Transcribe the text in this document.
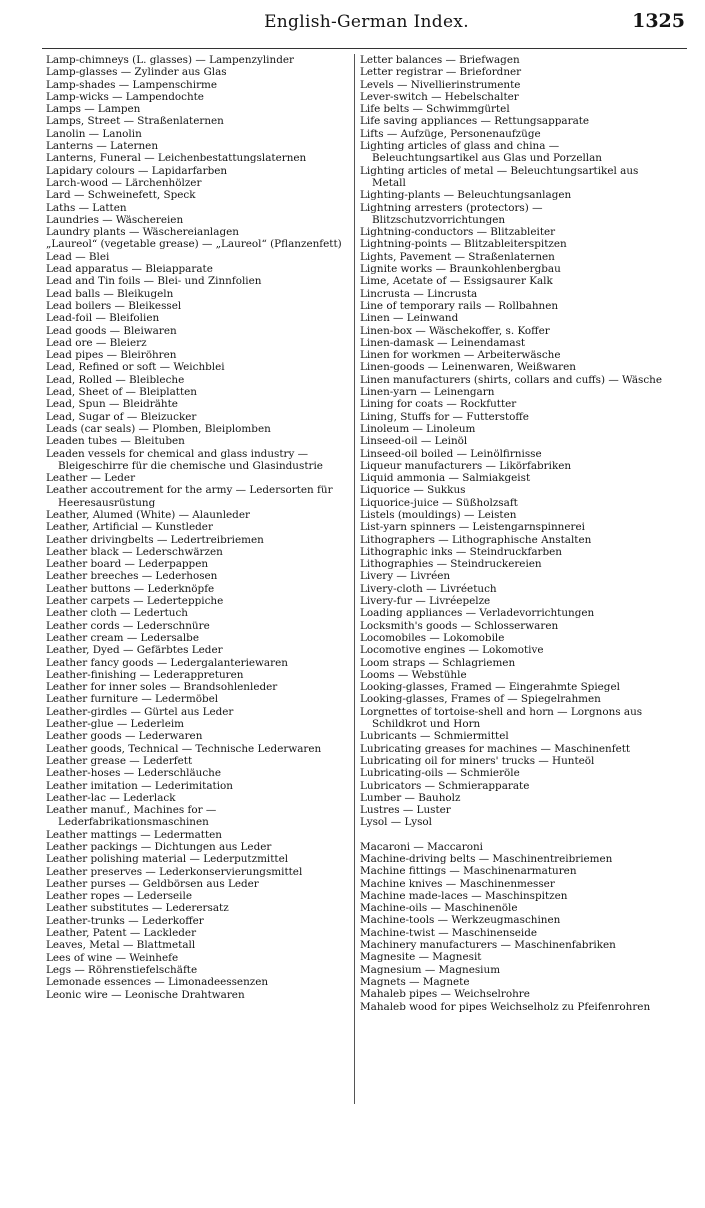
English-German Index.	1325
Lamp-chimneys (L. glasses) — Lampenzylinder
Lamp-glasses — Zylinder aus Glas
Lamp-shades — Lampenschirme
Lamp-wicks — Lampendochte
Lamps — Lampen
Lamps, Street — Straßenlaternen
Lanolin — Lanolin
Lanterns — Laternen
Lanterns, Funeral — Leichenbestattungslaternen
Lapidary colours — Lapidarfarben
Larch-wood — Lärchenhölzer
Lard — Schweinefett, Speck
Laths — Latten
Laundries — Wäschereien
Laundry plants — Wäschereianlagen
„Laureol“ (vegetable grease) — „Laureol“ (Pflanzenfett)
Lead — Blei
Lead apparatus — Bleiapparate
Lead and Tin foils — Blei- und Zinnfolien
Lead balls — Bleikugeln
Lead boilers — Bleikessel
Lead-foil — Bleifolien
Lead goods — Bleiwaren
Lead ore — Bleierz
Lead pipes — Bleiröhren
Lead, Refined or soft — Weichblei
Lead, Rolled — Bleibleche
Lead, Sheet of — Bleiplatten
Lead, Spun — Bleidrähte
Lead, Sugar of — Bleizucker
Leads (car seals) — Plomben, Bleiplomben
Leaden tubes — Bleituben
Leaden vessels for chemical and glass industry — Bleigeschirre für die chemische und Glasindustrie
Leather — Leder
Leather accoutrement for the army — Ledersorten für Heeresausrüstung
Leather, Alumed (White) — Alaunleder
Leather, Artificial — Kunstleder
Leather drivingbelts — Ledertreibriemen
Leather black — Lederschwärzen
Leather board — Lederpappen
Leather breeches — Lederhosen
Leather buttons — Lederknöpfe
Leather carpets — Lederteppiche
Leather cloth — Ledertuch
Leather cords — Lederschnüre
Leather cream — Ledersalbe
Leather, Dyed — Gefärbtes Leder
Leather fancy goods — Ledergalanteriewaren
Leather-finishing — Lederappreturen
Leather for inner soles — Brandsohlenleder
Leather furniture — Ledermöbel
Leather-girdles — Gürtel aus Leder
Leather-glue — Lederleim
Leather goods — Lederwaren
Leather goods, Technical — Technische Lederwaren
Leather grease — Lederfett
Leather-hoses — Lederschläuche
Leather imitation — Lederimitation
Leather-lac — Lederlack
Leather manuf., Machines for — Lederfabrikationsmaschinen
Leather mattings — Ledermatten
Leather packings — Dichtungen aus Leder
Leather polishing material — Lederputzmittel
Leather preserves — Lederkonservierungsmittel
Leather purses — Geldbörsen aus Leder
Leather ropes — Lederseile
Leather substitutes — Lederersatz
Leather-trunks — Lederkoffer
Leather, Patent — Lackleder
Leaves, Metal — Blattmetall
Lees of wine — Weinhefe
Legs — Röhrenstiefelschäfte
Lemonade essences — Limonadeessenzen
Leonic wire — Leonische Drahtwaren
Letter balances — Briefwagen
Letter registrar — Briefordner
Levels — Nivellierinstrumente
Lever-switch — Hebelschalter
Life belts — Schwimmgürtel
Life saving appliances — Rettungsapparate
Lifts — Aufzüge, Personenaufzüge
Lighting articles of glass and china — Beleuchtungsartikel aus Glas und Porzellan
Lighting articles of metal — Beleuchtungsartikel aus Metall
Lighting-plants — Beleuchtungsanlagen
Lightning arresters (protectors) — Blitzschutzvorrichtungen
Lightning-conductors — Blitzableiter
Lightning-points — Blitzableiterspitzen
Lights, Pavement — Straßenlaternen
Lignite works — Braunkohlenbergbau
Lime, Acetate of — Essigsaurer Kalk
Lincrusta — Lincrusta
Line of temporary rails — Rollbahnen
Linen — Leinwand
Linen-box — Wäschekoffer, s. Koffer
Linen-damask — Leinendamast
Linen for workmen — Arbeiterwäsche
Linen-goods — Leinenwaren, Weißwaren
Linen manufacturers (shirts, collars and cuffs) — Wäsche
Linen-yarn — Leinengarn
Lining for coats — Rockfutter
Lining, Stuffs for — Futterstoffe
Linoleum — Linoleum
Linseed-oil — Leinöl
Linseed-oil boiled — Leinölfirnisse
Liqueur manufacturers — Likörfabriken
Liquid ammonia — Salmiakgeist
Liquorice — Sukkus
Liquorice-juice — Süßholzsaft
Listels (mouldings) — Leisten
List-yarn spinners — Leistengarnspinnerei
Lithographers — Lithographische Anstalten
Lithographic inks — Steindruckfarben
Lithographies — Steindruckereien
Livery — Livréen
Livery-cloth — Livréetuch
Livery-fur — Livréepelze
Loading appliances — Verladevorrichtungen
Locksmith's goods — Schlosserwaren
Locomobiles — Lokomobile
Locomotive engines — Lokomotive
Loom straps — Schlagriemen
Looms — Webstühle
Looking-glasses, Framed — Eingerahmte Spiegel
Looking-glasses, Frames of — Spiegelrahmen
Lorgnettes of tortoise-shell and horn — Lorgnons aus Schildkrot und Horn
Lubricants — Schmiermittel
Lubricating greases for machines — Maschinenfett
Lubricating oil for miners' trucks — Hunteöl
Lubricating-oils — Schmieröle
Lubricators — Schmierapparate
Lumber — Bauholz
Lustres — Luster
Lysol — Lysol
Macaroni — Maccaroni
Machine-driving belts — Maschinentreibriemen
Machine fittings — Maschinenarmaturen
Machine knives — Maschinenmesser
Machine made-laces — Maschinspitzen
Machine-oils — Maschinenöle
Machine-tools — Werkzeugmaschinen
Machine-twist — Maschinenseide
Machinery manufacturers — Maschinenfabriken
Magnesite — Magnesit
Magnesium — Magnesium
Magnets — Magnete
Mahaleb pipes — Weichselrohre
Mahaleb wood for pipes Weichselholz zu Pfeifenrohren
